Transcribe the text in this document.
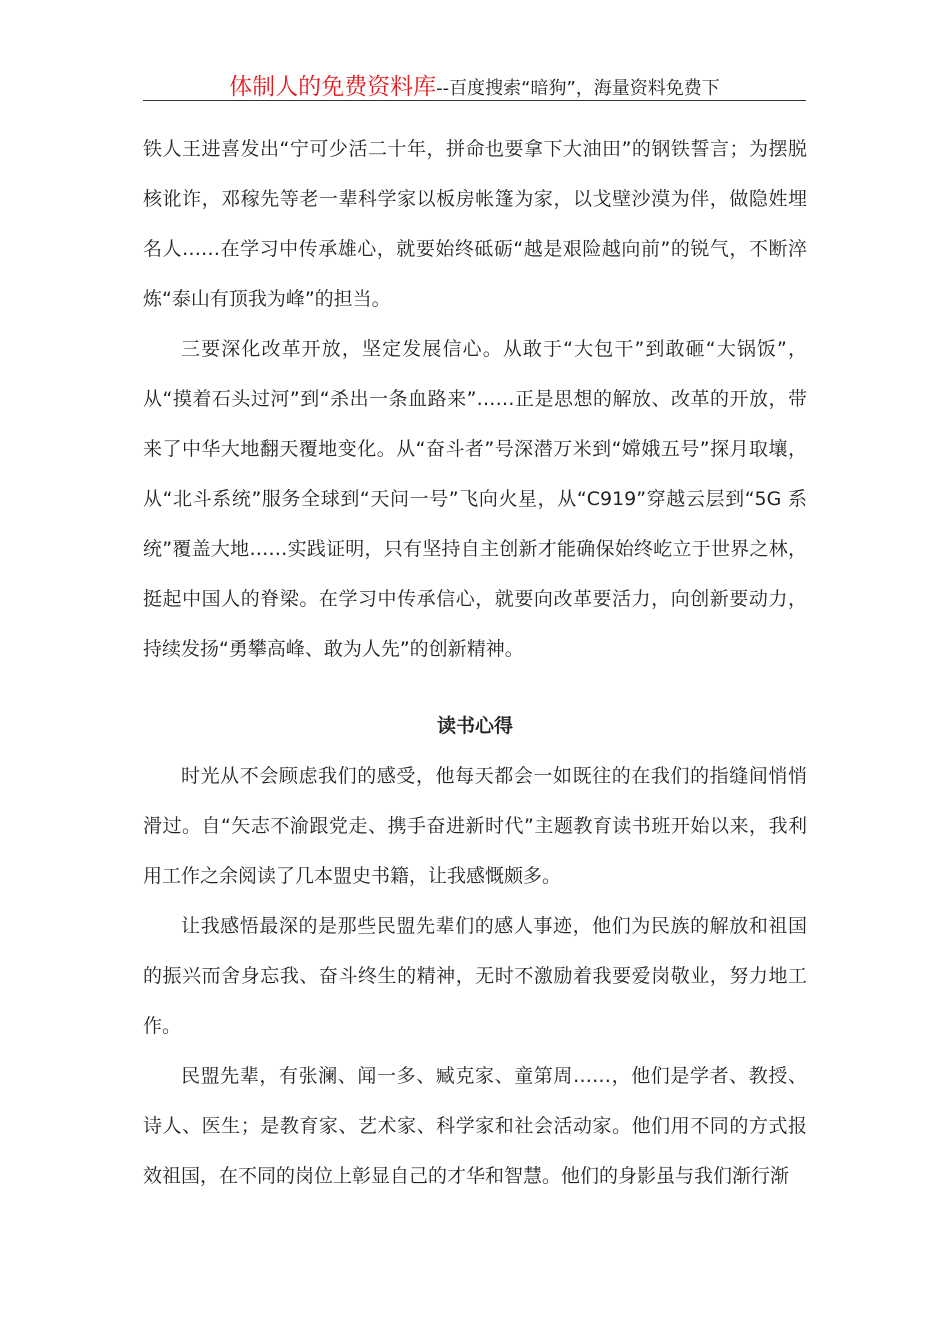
体制人的免费资料库--百度搜索“暗狗”，海量资料免费下

铁人王进喜发出“宁可少活二十年，拼命也要拿下大油田”的钢铁誓言；为摆脱核讹诈，邓稼先等老一辈科学家以板房帐篷为家，以戈壁沙漠为伴，做隐姓埋名人……在学习中传承雄心，就要始终砥砺“越是艰险越向前”的锐气，不断淬炼“泰山有顶我为峰”的担当。

三要深化改革开放，坚定发展信心。从敢于“大包干”到敢砸“大锅饭”，从“摸着石头过河”到“杀出一条血路来”……正是思想的解放、改革的开放，带来了中华大地翻天覆地变化。从“奋斗者”号深潜万米到“嫦娥五号”探月取壤，从“北斗系统”服务全球到“天问一号”飞向火星，从“C919”穿越云层到“5G 系统”覆盖大地……实践证明，只有坚持自主创新才能确保始终屹立于世界之林，挺起中国人的脊梁。在学习中传承信心，就要向改革要活力，向创新要动力，持续发扬“勇攀高峰、敢为人先”的创新精神。

读书心得

时光从不会顾虑我们的感受，他每天都会一如既往的在我们的指缝间悄悄滑过。自“矢志不渝跟党走、携手奋进新时代”主题教育读书班开始以来，我利用工作之余阅读了几本盟史书籍，让我感慨颇多。

让我感悟最深的是那些民盟先辈们的感人事迹，他们为民族的解放和祖国的振兴而舍身忘我、奋斗终生的精神，无时不激励着我要爱岗敬业，努力地工作。

民盟先辈，有张澜、闻一多、臧克家、童第周……，他们是学者、教授、诗人、医生；是教育家、艺术家、科学家和社会活动家。他们用不同的方式报效祖国，在不同的岗位上彰显自己的才华和智慧。他们的身影虽与我们渐行渐
